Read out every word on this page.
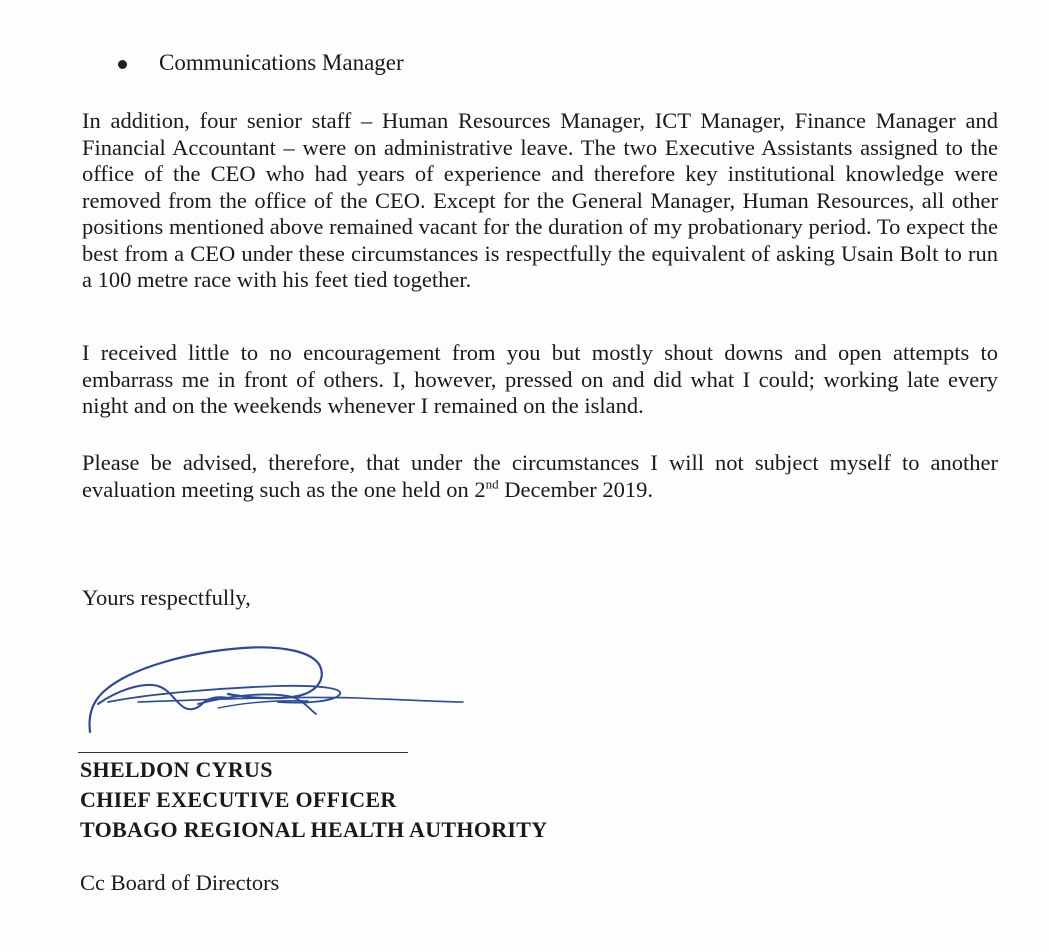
Communications Manager

In addition, four senior staff – Human Resources Manager, ICT Manager, Finance Manager and Financial Accountant – were on administrative leave. The two Executive Assistants assigned to the office of the CEO who had years of experience and therefore key institutional knowledge were removed from the office of the CEO. Except for the General Manager, Human Resources, all other positions mentioned above remained vacant for the duration of my probationary period. To expect the best from a CEO under these circumstances is respectfully the equivalent of asking Usain Bolt to run a 100 metre race with his feet tied together.

I received little to no encouragement from you but mostly shout downs and open attempts to embarrass me in front of others. I, however, pressed on and did what I could; working late every night and on the weekends whenever I remained on the island.

Please be advised, therefore, that under the circumstances I will not subject myself to another evaluation meeting such as the one held on 2nd December 2019.

Yours respectfully,
SHELDON CYRUS
CHIEF EXECUTIVE OFFICER
TOBAGO REGIONAL HEALTH AUTHORITY
Cc Board of Directors
